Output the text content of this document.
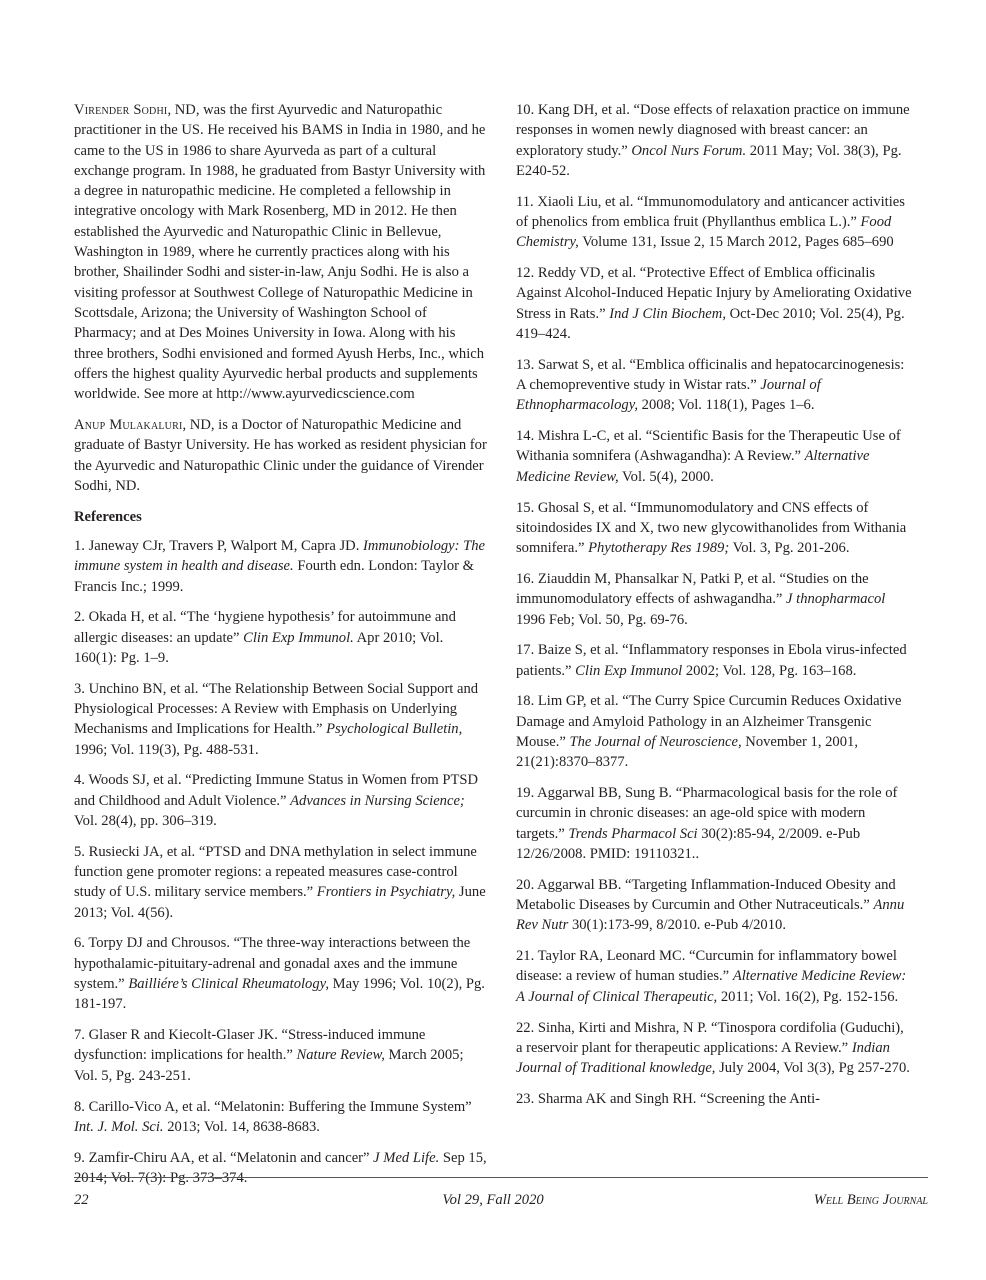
Virender Sodhi, ND, was the first Ayurvedic and Naturopathic practitioner in the US. He received his BAMS in India in 1980, and he came to the US in 1986 to share Ayurveda as part of a cultural exchange program. In 1988, he graduated from Bastyr University with a degree in naturopathic medicine. He completed a fellowship in integrative oncology with Mark Rosenberg, MD in 2012. He then established the Ayurvedic and Naturopathic Clinic in Bellevue, Washington in 1989, where he currently practices along with his brother, Shailinder Sodhi and sister-in-law, Anju Sodhi. He is also a visiting professor at Southwest College of Naturopathic Medicine in Scottsdale, Arizona; the University of Washington School of Pharmacy; and at Des Moines University in Iowa. Along with his three brothers, Sodhi envisioned and formed Ayush Herbs, Inc., which offers the highest quality Ayurvedic herbal products and supplements worldwide. See more at http://www.ayurvedicscience.com

Anup Mulakaluri, ND, is a Doctor of Naturopathic Medicine and graduate of Bastyr University. He has worked as resident physician for the Ayurvedic and Naturopathic Clinic under the guidance of Virender Sodhi, ND.

References

1. Janeway CJr, Travers P, Walport M, Capra JD. Immunobiology: The immune system in health and disease. Fourth edn. London: Taylor & Francis Inc.; 1999.

2. Okada H, et al. “The ‘hygiene hypothesis’ for autoimmune and allergic diseases: an update” Clin Exp Immunol. Apr 2010; Vol. 160(1): Pg. 1–9.

3. Unchino BN, et al. “The Relationship Between Social Support and Physiological Processes: A Review with Emphasis on Underlying Mechanisms and Implications for Health.” Psychological Bulletin, 1996; Vol. 119(3), Pg. 488-531.

4. Woods SJ, et al. “Predicting Immune Status in Women from PTSD and Childhood and Adult Violence.” Advances in Nursing Science; Vol. 28(4), pp. 306–319.

5. Rusiecki JA, et al. “PTSD and DNA methylation in select immune function gene promoter regions: a repeated measures case-control study of U.S. military service members.” Frontiers in Psychiatry, June 2013; Vol. 4(56).

6. Torpy DJ and Chrousos. “The three-way interactions between the hypothalamic-pituitary-adrenal and gonadal axes and the immune system.” Bailliére’s Clinical Rheumatology, May 1996; Vol. 10(2), Pg. 181-197.

7. Glaser R and Kiecolt-Glaser JK. “Stress-induced immune dysfunction: implications for health.” Nature Review, March 2005; Vol. 5, Pg. 243-251.

8. Carillo-Vico A, et al. “Melatonin: Buffering the Immune System” Int. J. Mol. Sci. 2013; Vol. 14, 8638-8683.

9. Zamfir-Chiru AA, et al. “Melatonin and cancer” J Med Life. Sep 15, 2014; Vol. 7(3): Pg. 373–374.

10. Kang DH, et al. “Dose effects of relaxation practice on immune responses in women newly diagnosed with breast cancer: an exploratory study.” Oncol Nurs Forum. 2011 May; Vol. 38(3), Pg. E240-52.

11. Xiaoli Liu, et al. “Immunomodulatory and anticancer activities of phenolics from emblica fruit (Phyllanthus emblica L.).” Food Chemistry, Volume 131, Issue 2, 15 March 2012, Pages 685–690

12. Reddy VD, et al. “Protective Effect of Emblica officinalis Against Alcohol-Induced Hepatic Injury by Ameliorating Oxidative Stress in Rats.” Ind J Clin Biochem, Oct-Dec 2010; Vol. 25(4), Pg. 419–424.

13. Sarwat S, et al. “Emblica officinalis and hepatocarcinogenesis: A chemopreventive study in Wistar rats.” Journal of Ethnopharmacology, 2008; Vol. 118(1), Pages 1–6.

14. Mishra L-C, et al. “Scientific Basis for the Therapeutic Use of Withania somnifera (Ashwagandha): A Review.” Alternative Medicine Review, Vol. 5(4), 2000.

15. Ghosal S, et al. “Immunomodulatory and CNS effects of sitoindosides IX and X, two new glycowithanolides from Withania somnifera.” Phytotherapy Res 1989; Vol. 3, Pg. 201-206.

16. Ziauddin M, Phansalkar N, Patki P, et al. “Studies on the immunomodulatory effects of ashwagandha.” J thnopharmacol 1996 Feb; Vol. 50, Pg. 69-76.

17. Baize S, et al. “Inflammatory responses in Ebola virus-infected patients.” Clin Exp Immunol 2002; Vol. 128, Pg. 163–168.

18. Lim GP, et al. “The Curry Spice Curcumin Reduces Oxidative Damage and Amyloid Pathology in an Alzheimer Transgenic Mouse.” The Journal of Neuroscience, November 1, 2001, 21(21):8370–8377.

19. Aggarwal BB, Sung B. “Pharmacological basis for the role of curcumin in chronic diseases: an age-old spice with modern targets.” Trends Pharmacol Sci 30(2):85-94, 2/2009. e-Pub 12/26/2008. PMID: 19110321..

20. Aggarwal BB. “Targeting Inflammation-Induced Obesity and Metabolic Diseases by Curcumin and Other Nutraceuticals.” Annu Rev Nutr 30(1):173-99, 8/2010. e-Pub 4/2010.

21. Taylor RA, Leonard MC. “Curcumin for inflammatory bowel disease: a review of human studies.” Alternative Medicine Review: A Journal of Clinical Therapeutic, 2011; Vol. 16(2), Pg. 152-156.

22. Sinha, Kirti and Mishra, N P. “Tinospora cordifolia (Guduchi), a reservoir plant for therapeutic applications: A Review.” Indian Journal of Traditional knowledge, July 2004, Vol 3(3), Pg 257-270.

23. Sharma AK and Singh RH. “Screening the Anti-

22	Vol 29, Fall 2020	Well Being Journal
